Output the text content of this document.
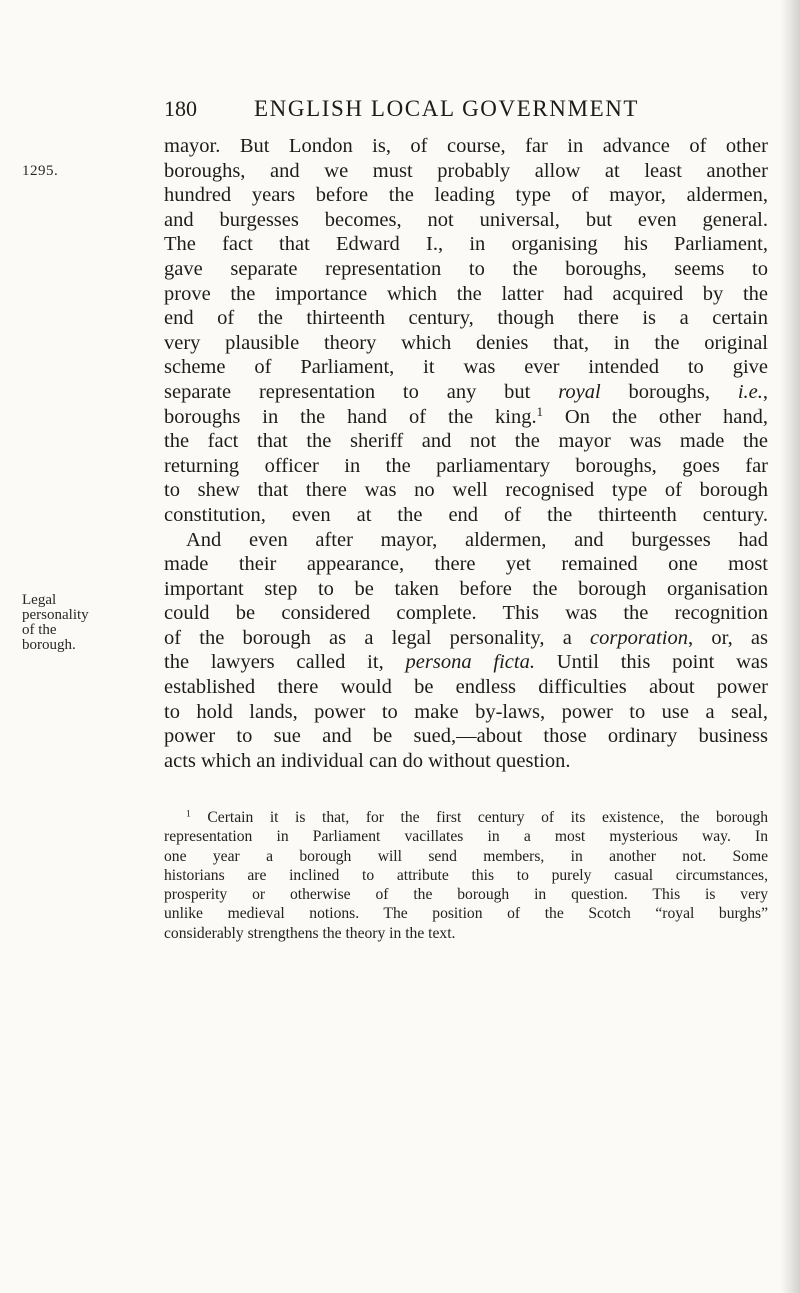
180	ENGLISH LOCAL GOVERNMENT
1295.
Legal
personality
of the
borough.
mayor. But London is, of course, far in advance of other
boroughs, and we must probably allow at least another
hundred years before the leading type of mayor, aldermen,
and burgesses becomes, not universal, but even general.
The fact that Edward I., in organising his Parliament,
gave separate representation to the boroughs, seems to
prove the importance which the latter had acquired by the
end of the thirteenth century, though there is a certain
very plausible theory which denies that, in the original
scheme of Parliament, it was ever intended to give
separate representation to any but royal boroughs, i.e.,
boroughs in the hand of the king.$^1$ On the other hand,
the fact that the sheriff and not the mayor was made the
returning officer in the parliamentary boroughs, goes far
to shew that there was no well recognised type of borough
constitution, even at the end of the thirteenth century.
And even after mayor, aldermen, and burgesses had
made their appearance, there yet remained one most
important step to be taken before the borough organisation
could be considered complete. This was the recognition
of the borough as a legal personality, a corporation, or, as
the lawyers called it, persona ficta. Until this point was
established there would be endless difficulties about power
to hold lands, power to make by-laws, power to use a seal,
power to sue and be sued,—about those ordinary business
acts which an individual can do without question.
$^1$ Certain it is that, for the first century of its existence, the borough
representation in Parliament vacillates in a most mysterious way. In
one year a borough will send members, in another not. Some
historians are inclined to attribute this to purely casual circumstances,
prosperity or otherwise of the borough in question. This is very
unlike medieval notions. The position of the Scotch “royal burghs”
considerably strengthens the theory in the text.
